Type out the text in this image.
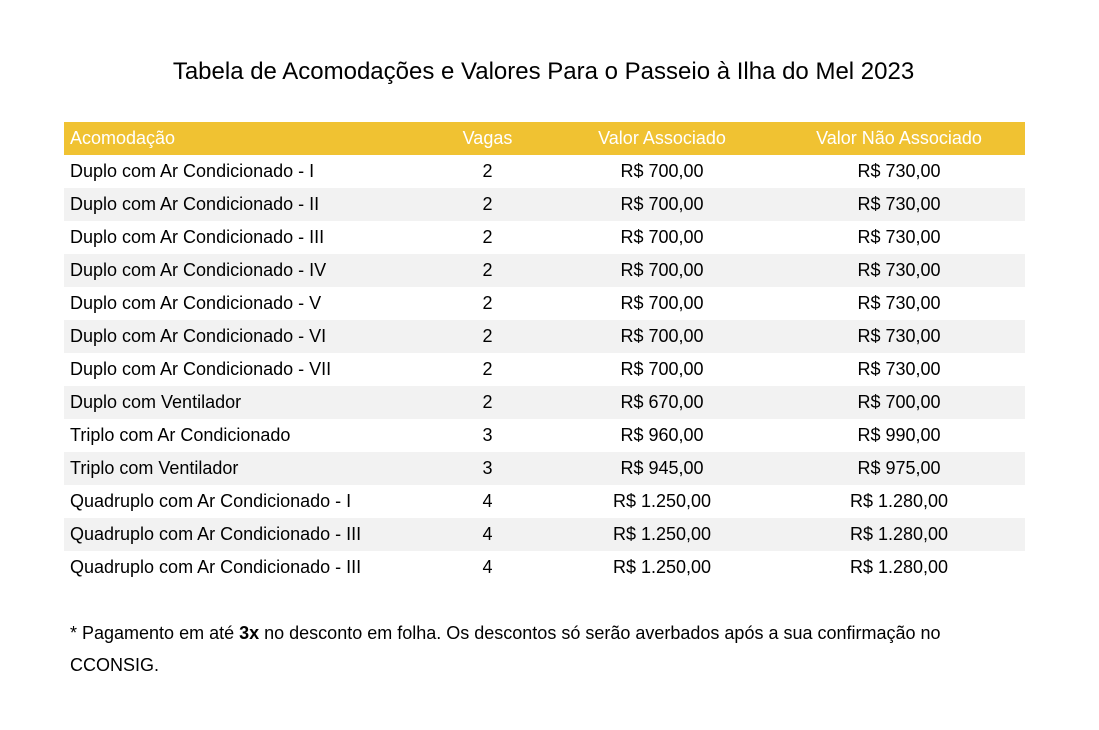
Tabela de Acomodações e Valores Para o Passeio à Ilha do Mel 2023
Acomodação	Vagas	Valor Associado	Valor Não Associado
Duplo com Ar Condicionado - I	2	R$ 700,00	R$ 730,00
Duplo com Ar Condicionado - II	2	R$ 700,00	R$ 730,00
Duplo com Ar Condicionado - III	2	R$ 700,00	R$ 730,00
Duplo com Ar Condicionado - IV	2	R$ 700,00	R$ 730,00
Duplo com Ar Condicionado - V	2	R$ 700,00	R$ 730,00
Duplo com Ar Condicionado - VI	2	R$ 700,00	R$ 730,00
Duplo com Ar Condicionado - VII	2	R$ 700,00	R$ 730,00
Duplo com Ventilador	2	R$ 670,00	R$ 700,00
Triplo com Ar Condicionado	3	R$ 960,00	R$ 990,00
Triplo com Ventilador	3	R$ 945,00	R$ 975,00
Quadruplo com Ar Condicionado - I	4	R$ 1.250,00	R$ 1.280,00
Quadruplo com Ar Condicionado - III	4	R$ 1.250,00	R$ 1.280,00
Quadruplo com Ar Condicionado - III	4	R$ 1.250,00	R$ 1.280,00
* Pagamento em até 3x no desconto em folha. Os descontos só serão averbados após a sua confirmação no CCONSIG.
